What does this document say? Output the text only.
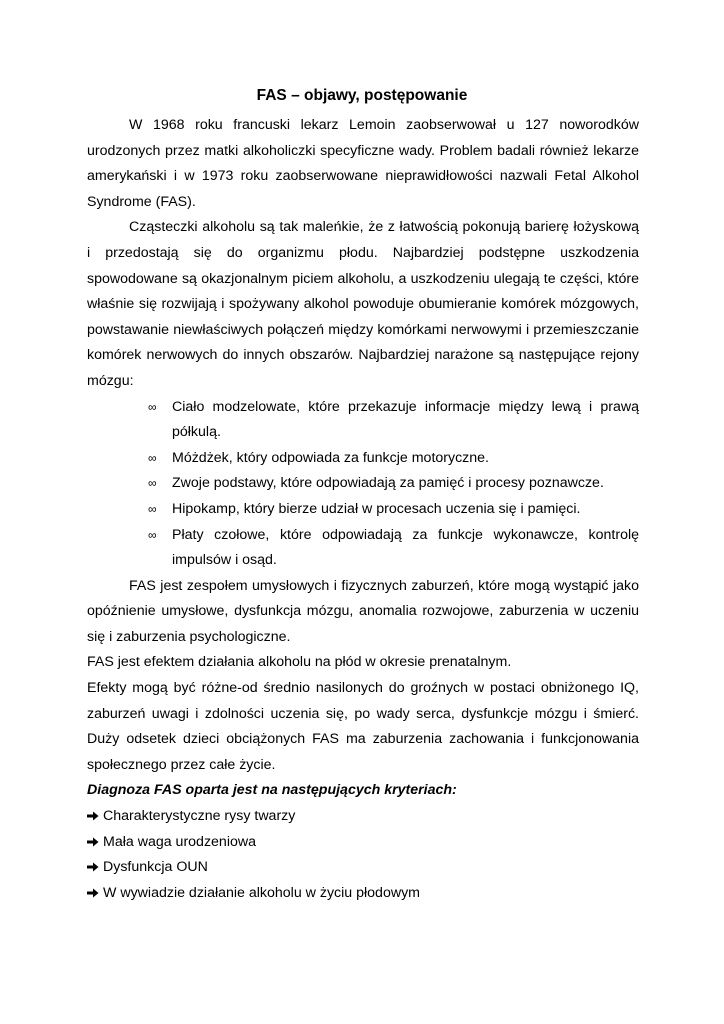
FAS – objawy, postępowanie

W 1968 roku francuski lekarz Lemoin zaobserwował u 127 noworodków urodzonych przez matki alkoholiczki specyficzne wady. Problem badali również lekarze amerykański i w 1973 roku zaobserwowane nieprawidłowości nazwali Fetal Alkohol Syndrome (FAS).

Cząsteczki alkoholu są tak maleńkie, że z łatwością pokonują barierę łożyskową i przedostają się do organizmu płodu. Najbardziej podstępne uszkodzenia spowodowane są okazjonalnym piciem alkoholu, a uszkodzeniu ulegają te części, które właśnie się rozwijają i spożywany alkohol powoduje obumieranie komórek mózgowych, powstawanie niewłaściwych połączeń między komórkami nerwowymi i przemieszczanie komórek nerwowych do innych obszarów. Najbardziej narażone są następujące rejony mózgu:

∞ Ciało modzelowate, które przekazuje informacje między lewą i prawą półkulą.
∞ Móżdżek, który odpowiada za funkcje motoryczne.
∞ Zwoje podstawy, które odpowiadają za pamięć i procesy poznawcze.
∞ Hipokamp, który bierze udział w procesach uczenia się i pamięci.
∞ Płaty czołowe, które odpowiadają za funkcje wykonawcze, kontrolę impulsów i osąd.

FAS jest zespołem umysłowych i fizycznych zaburzeń, które mogą wystąpić jako opóźnienie umysłowe, dysfunkcja mózgu, anomalia rozwojowe, zaburzenia w uczeniu się i zaburzenia psychologiczne.

FAS jest efektem działania alkoholu na płód w okresie prenatalnym.

Efekty mogą być różne-od średnio nasilonych do groźnych w postaci obniżonego IQ, zaburzeń uwagi i zdolności uczenia się, po wady serca, dysfunkcje mózgu i śmierć. Duży odsetek dzieci obciążonych FAS ma zaburzenia zachowania i funkcjonowania społecznego przez całe życie.

Diagnoza FAS oparta jest na następujących kryteriach:

Charakterystyczne rysy twarzy
Mała waga urodzeniowa
Dysfunkcja OUN
W wywiadzie działanie alkoholu w życiu płodowym
